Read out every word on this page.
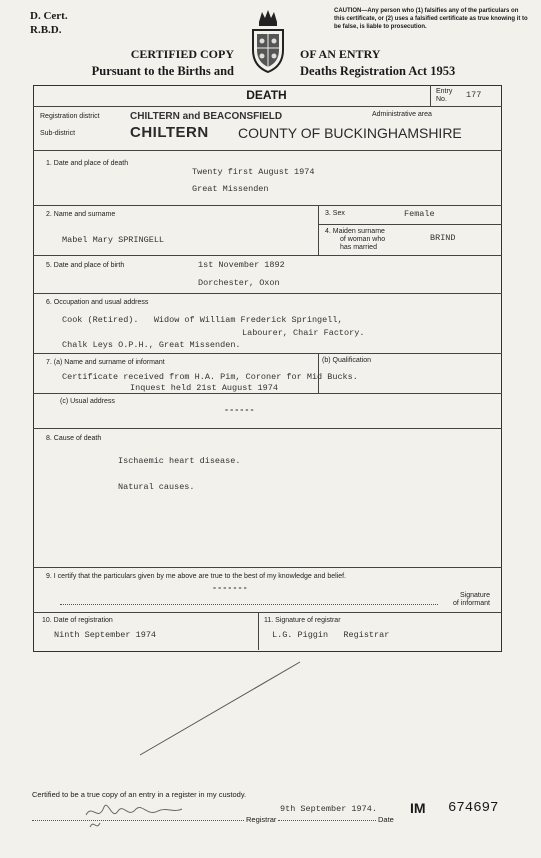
D. Cert.
R.B.D.
CAUTION—Any person who (1) falsifies any of the particulars on this certificate, or (2) uses a falsified certificate as true knowing it to be false, is liable to prosecution.
CERTIFIED COPY
Pursuant to the Births and
OF AN ENTRY
Deaths Registration Act 1953
DEATH	Entry No.	177
Registration district	CHILTERN and BEACONSFIELD	Administrative area
Sub-district	CHILTERN COUNTY OF BUCKINGHAMSHIRE
1. Date and place of death
Twenty first August 1974
Great Missenden
2. Name and surname
Mabel Mary SPRINGELL
3. Sex	Female
4. Maiden surname
of woman who
has married
BRIND
5. Date and place of birth	1st November 1892
Dorchester, Oxon
6. Occupation and usual address
Cook (Retired).   Widow of William Frederick Springell,
Labourer, Chair Factory.
Chalk Leys O.P.H., Great Missenden.
7. (a) Name and surname of informant	(b) Qualification
Certificate received from H.A. Pim, Coroner for Mid Bucks.
Inquest held 21st August 1974
(c) Usual address
------
8. Cause of death
Ischaemic heart disease.
Natural causes.
9. I certify that the particulars given by me above are true to the best of my knowledge and belief.
-------
Signature
of informant
10. Date of registration
Ninth September 1974
11. Signature of registrar
L.G. Piggin   Registrar
Certified to be a true copy of an entry in a register in my custody.
Registrar
9th September 1974.
Date
IM 674697
